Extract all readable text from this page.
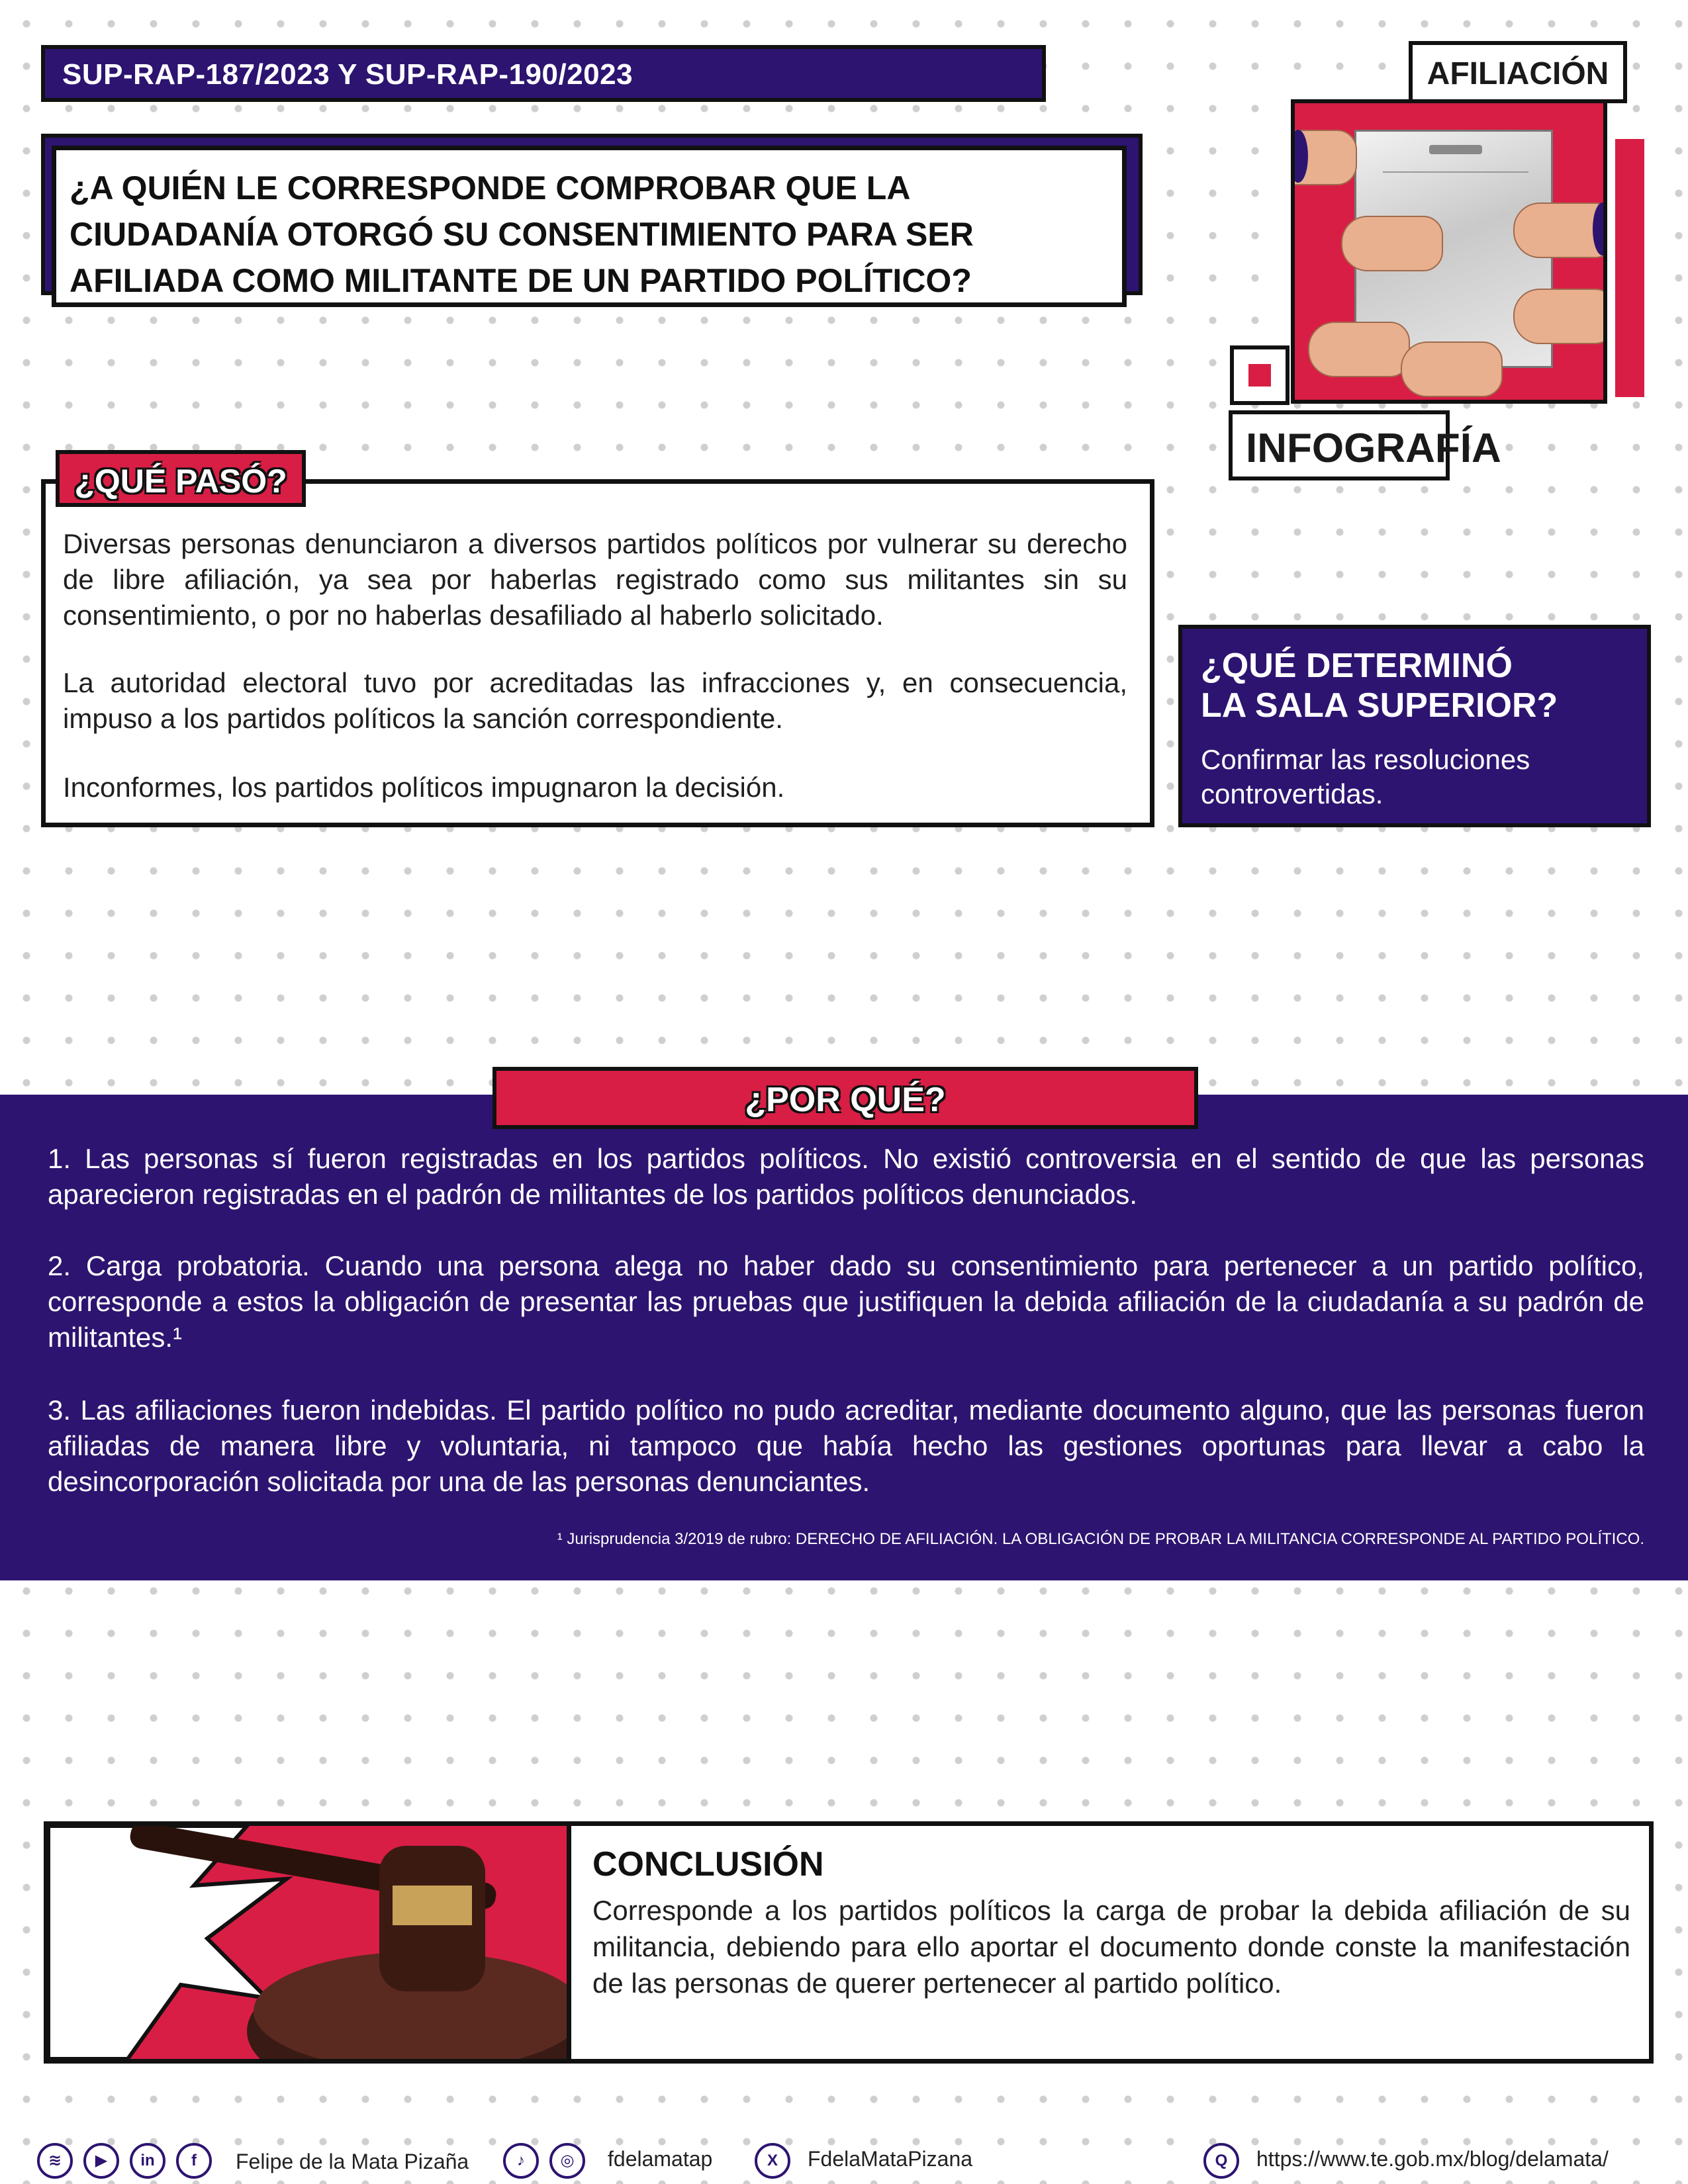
SUP-RAP-187/2023 Y SUP-RAP-190/2023
¿A QUIÉN LE CORRESPONDE COMPROBAR QUE LA CIUDADANÍA OTORGÓ SU CONSENTIMIENTO PARA SER AFILIADA COMO MILITANTE DE UN PARTIDO POLÍTICO?
AFILIACIÓN
INFOGRAFÍA
Diversas personas denunciaron a diversos partidos políticos por vulnerar su derecho de libre afiliación, ya sea por haberlas registrado como sus militantes sin su consentimiento, o por no haberlas desafiliado al haberlo solicitado.
La autoridad electoral tuvo por acreditadas las infracciones y, en consecuencia, impuso a los partidos políticos la sanción correspondiente.
Inconformes, los partidos políticos impugnaron la decisión.
¿QUÉ PASÓ?
¿QUÉ DETERMINÓ
LA SALA SUPERIOR?
Confirmar las resoluciones controvertidas.
1. Las personas sí fueron registradas en los partidos políticos. No existió controversia en el sentido de que las personas aparecieron registradas en el padrón de militantes de los partidos políticos denunciados.
2. Carga probatoria. Cuando una persona alega no haber dado su consentimiento para pertenecer a un partido político, corresponde a estos la obligación de presentar las pruebas que justifiquen la debida afiliación de la ciudadanía a su padrón de militantes.¹
3. Las afiliaciones fueron indebidas. El partido político no pudo acreditar, mediante documento alguno, que las personas fueron afiliadas de manera libre y voluntaria, ni tampoco que había hecho las gestiones oportunas para llevar a cabo la desincorporación solicitada por una de las personas denunciantes.
¹ Jurisprudencia 3/2019 de rubro: DERECHO DE AFILIACIÓN. LA OBLIGACIÓN DE PROBAR LA MILITANCIA CORRESPONDE AL PARTIDO POLÍTICO.
¿POR QUÉ?
CONCLUSIÓN
Corresponde a los partidos políticos la carga de probar la debida afiliación de su militancia, debiendo para ello aportar el documento donde conste la manifestación de las personas de querer pertenecer al partido político.
≋	▶	in	f	Felipe de la Mata Pizaña	♪	◎	fdelamatap	X	FdelaMataPizana	Q	https://www.te.gob.mx/blog/delamata/
